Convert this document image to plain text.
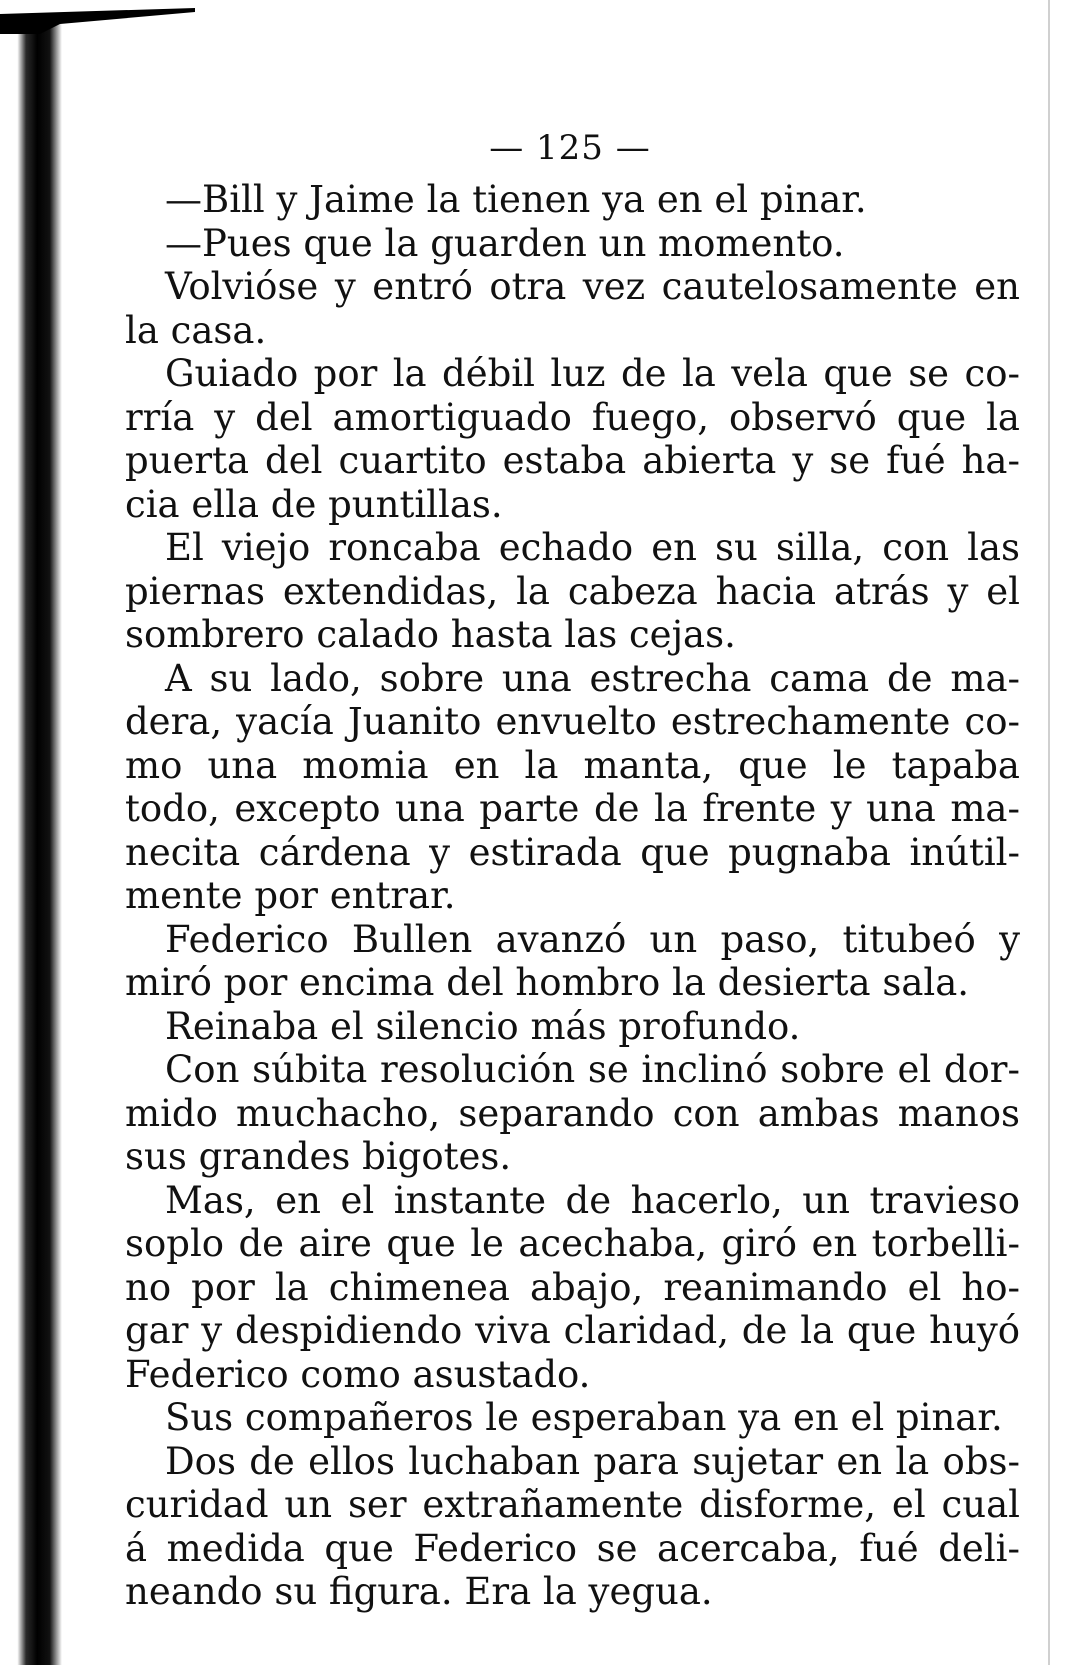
— 125 —
—Bill y Jaime la tienen ya en el pinar.
—Pues que la guarden un momento.
Volvióse y entró otra vez cautelosamente en
la casa.
Guiado por la débil luz de la vela que se co-
rría y del amortiguado fuego, observó que la
puerta del cuartito estaba abierta y se fué ha-
cia ella de puntillas.
El viejo roncaba echado en su silla, con las
piernas extendidas, la cabeza hacia atrás y el
sombrero calado hasta las cejas.
A su lado, sobre una estrecha cama de ma-
dera, yacía Juanito envuelto estrechamente co-
mo una momia en la manta, que le tapaba
todo, excepto una parte de la frente y una ma-
necita cárdena y estirada que pugnaba inútil-
mente por entrar.
Federico Bullen avanzó un paso, titubeó y
miró por encima del hombro la desierta sala.
Reinaba el silencio más profundo.
Con súbita resolución se inclinó sobre el dor-
mido muchacho, separando con ambas manos
sus grandes bigotes.
Mas, en el instante de hacerlo, un travieso
soplo de aire que le acechaba, giró en torbelli-
no por la chimenea abajo, reanimando el ho-
gar y despidiendo viva claridad, de la que huyó
Federico como asustado.
Sus compañeros le esperaban ya en el pinar.
Dos de ellos luchaban para sujetar en la obs-
curidad un ser extrañamente disforme, el cual
á medida que Federico se acercaba, fué deli-
neando su figura. Era la yegua.
